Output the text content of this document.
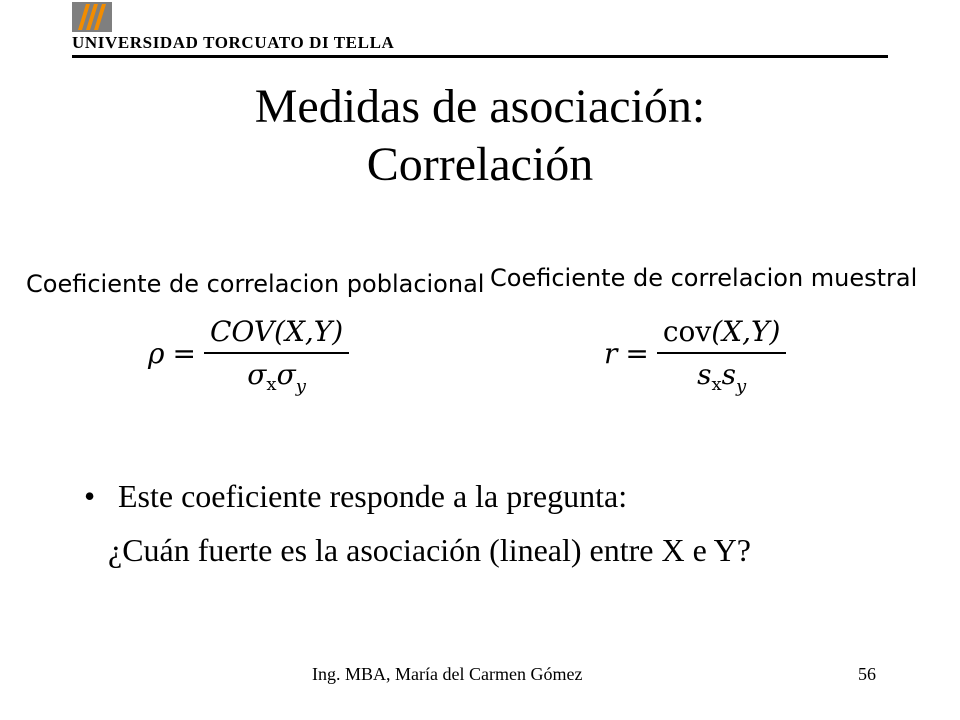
UNIVERSIDAD TORCUATO DI TELLA
Medidas de asociación:
Correlación
Coeficiente de correlacion poblacional
$\rho = \frac{\text{COV(X,Y)}}{\sigma_x\sigma_y}$
Coeficiente de correlacion muestral
$r = \frac{\text{cov(X,Y)}}{s_xs_y}$
• Este coeficiente responde a la pregunta:
¿Cuán fuerte es la asociación (lineal) entre X e Y?
Ing. MBA, María del Carmen Gómez	56
